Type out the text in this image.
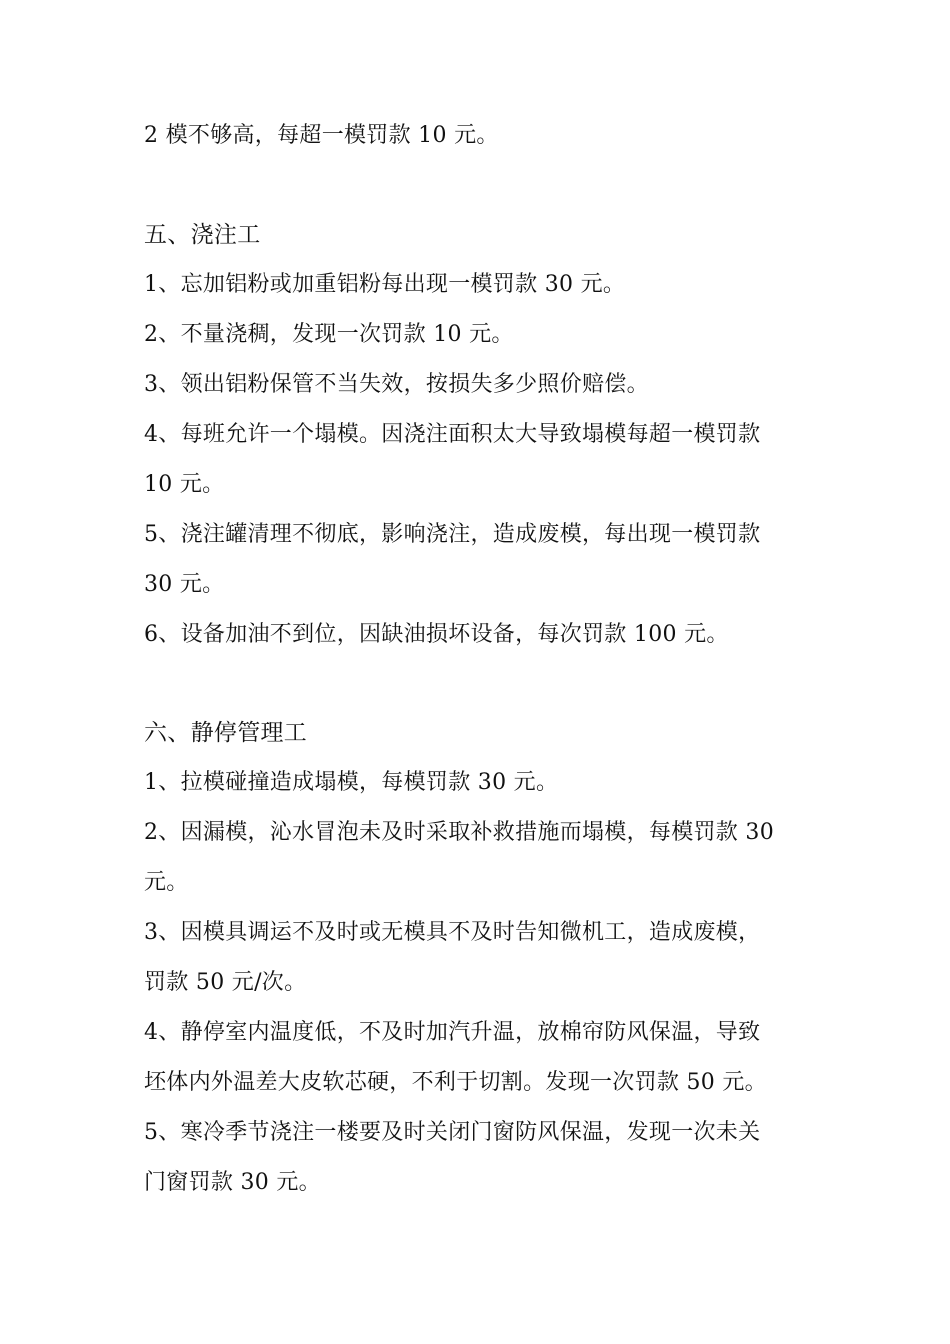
2 模不够高，每超一模罚款 10 元。
五、浇注工
1、忘加铝粉或加重铝粉每出现一模罚款 30 元。
2、不量浇稠，发现一次罚款 10 元。
3、领出铝粉保管不当失效，按损失多少照价赔偿。
4、每班允许一个塌模。因浇注面积太大导致塌模每超一模罚款
10 元。
5、浇注罐清理不彻底，影响浇注，造成废模，每出现一模罚款
30 元。
6、设备加油不到位，因缺油损坏设备，每次罚款 100 元。
六、静停管理工
1、拉模碰撞造成塌模，每模罚款 30 元。
2、因漏模，沁水冒泡未及时采取补救措施而塌模，每模罚款 30
元。
3、因模具调运不及时或无模具不及时告知微机工，造成废模，
罚款 50 元/次。
4、静停室内温度低，不及时加汽升温，放棉帘防风保温，导致
坯体内外温差大皮软芯硬，不利于切割。发现一次罚款 50 元。
5、寒冷季节浇注一楼要及时关闭门窗防风保温，发现一次未关
门窗罚款 30 元。
